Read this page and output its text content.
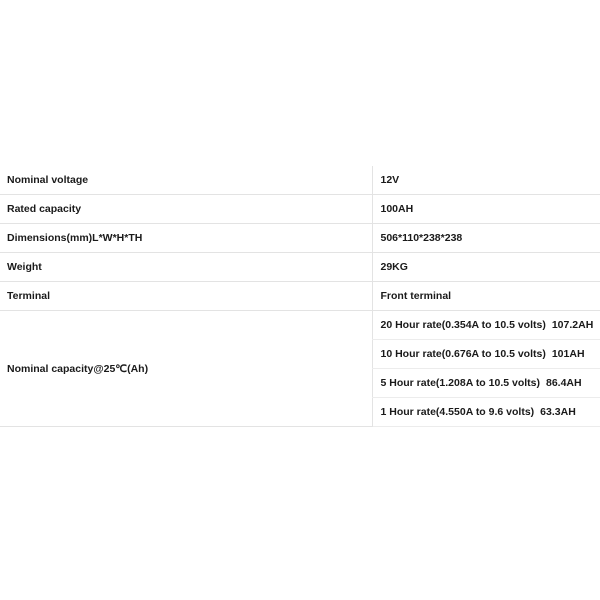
Nominal voltage	12V
Rated capacity	100AH
Dimensions(mm)L*W*H*TH	506*110*238*238
Weight	29KG
Terminal	Front terminal
Nominal capacity@25℃(Ah)	20 Hour rate(0.354A to 10.5 volts) 107.2AH
	10 Hour rate(0.676A to 10.5 volts) 101AH
	5 Hour rate(1.208A to 10.5 volts) 86.4AH
	1 Hour rate(4.550A to 9.6 volts) 63.3AH
